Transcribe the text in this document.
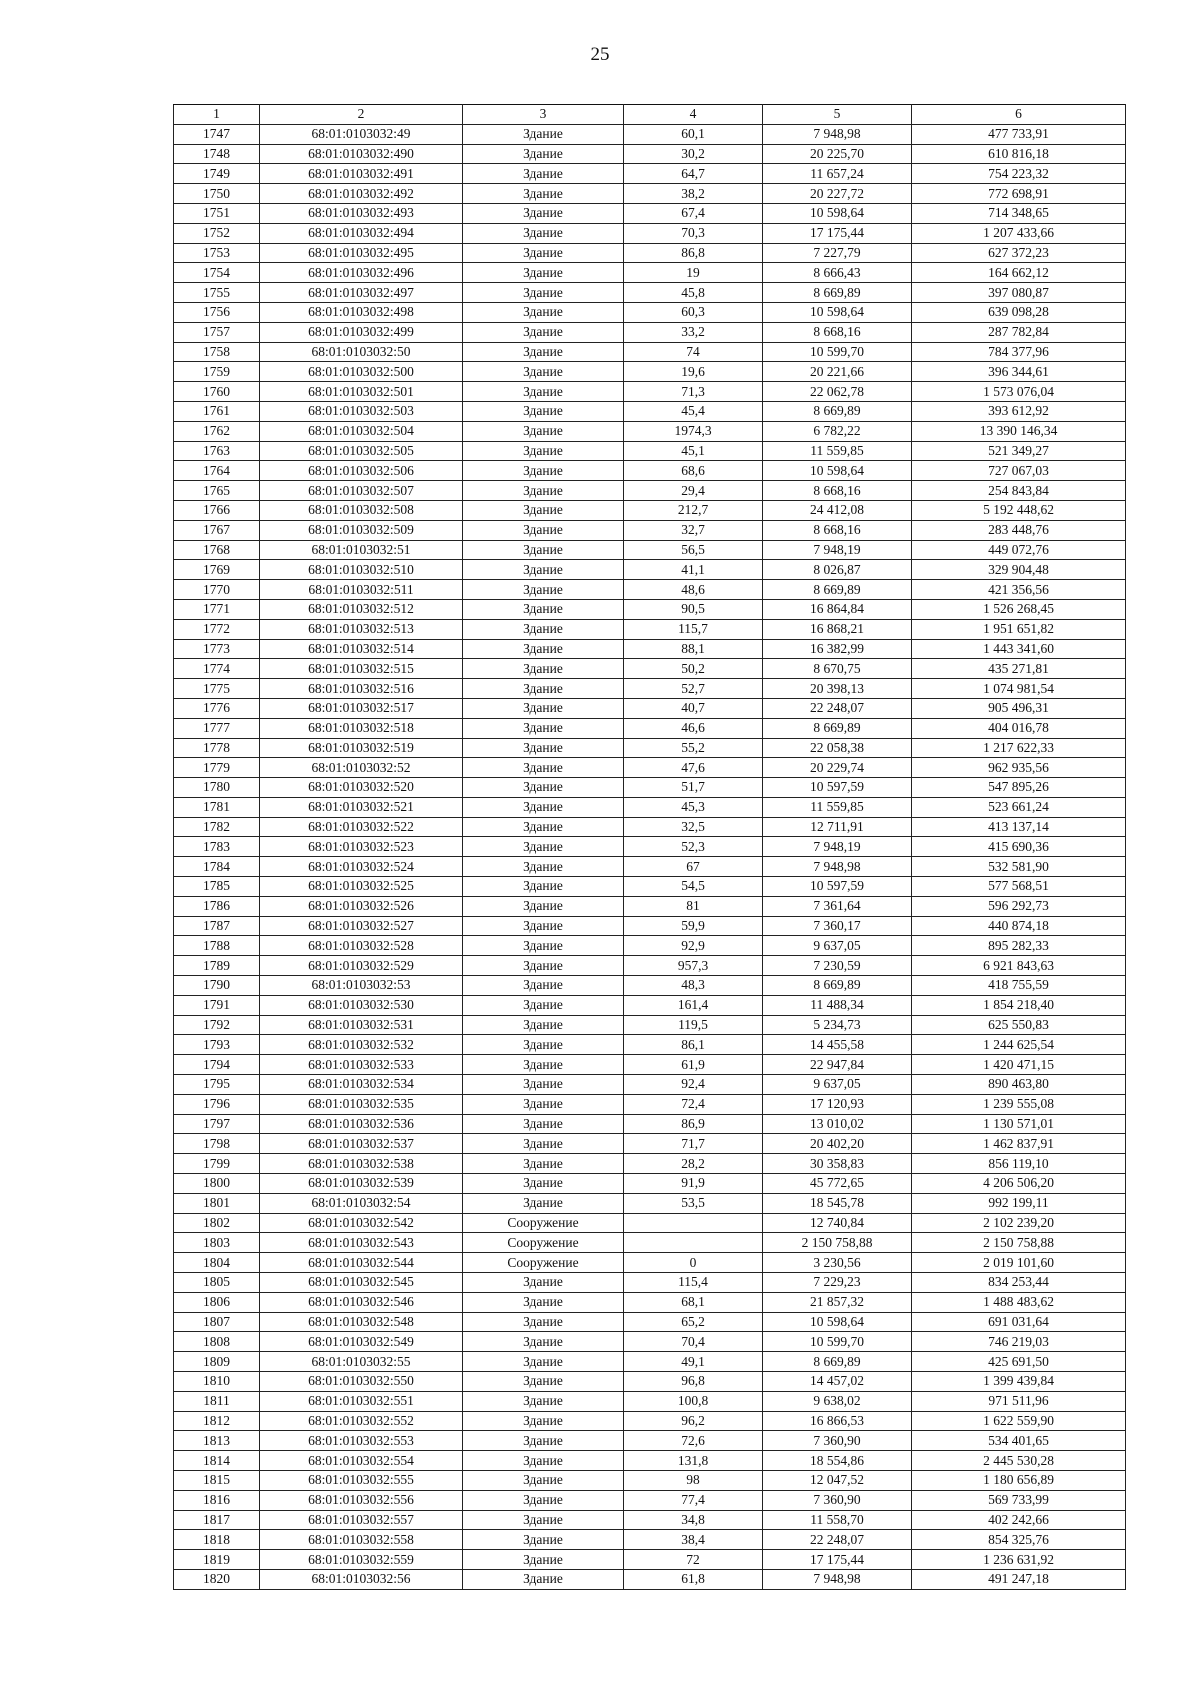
25
1	2	3	4	5	6
1747	68:01:0103032:49	Здание	60,1	7 948,98	477 733,91
1748	68:01:0103032:490	Здание	30,2	20 225,70	610 816,18
1749	68:01:0103032:491	Здание	64,7	11 657,24	754 223,32
1750	68:01:0103032:492	Здание	38,2	20 227,72	772 698,91
1751	68:01:0103032:493	Здание	67,4	10 598,64	714 348,65
1752	68:01:0103032:494	Здание	70,3	17 175,44	1 207 433,66
1753	68:01:0103032:495	Здание	86,8	7 227,79	627 372,23
1754	68:01:0103032:496	Здание	19	8 666,43	164 662,12
1755	68:01:0103032:497	Здание	45,8	8 669,89	397 080,87
1756	68:01:0103032:498	Здание	60,3	10 598,64	639 098,28
1757	68:01:0103032:499	Здание	33,2	8 668,16	287 782,84
1758	68:01:0103032:50	Здание	74	10 599,70	784 377,96
1759	68:01:0103032:500	Здание	19,6	20 221,66	396 344,61
1760	68:01:0103032:501	Здание	71,3	22 062,78	1 573 076,04
1761	68:01:0103032:503	Здание	45,4	8 669,89	393 612,92
1762	68:01:0103032:504	Здание	1974,3	6 782,22	13 390 146,34
1763	68:01:0103032:505	Здание	45,1	11 559,85	521 349,27
1764	68:01:0103032:506	Здание	68,6	10 598,64	727 067,03
1765	68:01:0103032:507	Здание	29,4	8 668,16	254 843,84
1766	68:01:0103032:508	Здание	212,7	24 412,08	5 192 448,62
1767	68:01:0103032:509	Здание	32,7	8 668,16	283 448,76
1768	68:01:0103032:51	Здание	56,5	7 948,19	449 072,76
1769	68:01:0103032:510	Здание	41,1	8 026,87	329 904,48
1770	68:01:0103032:511	Здание	48,6	8 669,89	421 356,56
1771	68:01:0103032:512	Здание	90,5	16 864,84	1 526 268,45
1772	68:01:0103032:513	Здание	115,7	16 868,21	1 951 651,82
1773	68:01:0103032:514	Здание	88,1	16 382,99	1 443 341,60
1774	68:01:0103032:515	Здание	50,2	8 670,75	435 271,81
1775	68:01:0103032:516	Здание	52,7	20 398,13	1 074 981,54
1776	68:01:0103032:517	Здание	40,7	22 248,07	905 496,31
1777	68:01:0103032:518	Здание	46,6	8 669,89	404 016,78
1778	68:01:0103032:519	Здание	55,2	22 058,38	1 217 622,33
1779	68:01:0103032:52	Здание	47,6	20 229,74	962 935,56
1780	68:01:0103032:520	Здание	51,7	10 597,59	547 895,26
1781	68:01:0103032:521	Здание	45,3	11 559,85	523 661,24
1782	68:01:0103032:522	Здание	32,5	12 711,91	413 137,14
1783	68:01:0103032:523	Здание	52,3	7 948,19	415 690,36
1784	68:01:0103032:524	Здание	67	7 948,98	532 581,90
1785	68:01:0103032:525	Здание	54,5	10 597,59	577 568,51
1786	68:01:0103032:526	Здание	81	7 361,64	596 292,73
1787	68:01:0103032:527	Здание	59,9	7 360,17	440 874,18
1788	68:01:0103032:528	Здание	92,9	9 637,05	895 282,33
1789	68:01:0103032:529	Здание	957,3	7 230,59	6 921 843,63
1790	68:01:0103032:53	Здание	48,3	8 669,89	418 755,59
1791	68:01:0103032:530	Здание	161,4	11 488,34	1 854 218,40
1792	68:01:0103032:531	Здание	119,5	5 234,73	625 550,83
1793	68:01:0103032:532	Здание	86,1	14 455,58	1 244 625,54
1794	68:01:0103032:533	Здание	61,9	22 947,84	1 420 471,15
1795	68:01:0103032:534	Здание	92,4	9 637,05	890 463,80
1796	68:01:0103032:535	Здание	72,4	17 120,93	1 239 555,08
1797	68:01:0103032:536	Здание	86,9	13 010,02	1 130 571,01
1798	68:01:0103032:537	Здание	71,7	20 402,20	1 462 837,91
1799	68:01:0103032:538	Здание	28,2	30 358,83	856 119,10
1800	68:01:0103032:539	Здание	91,9	45 772,65	4 206 506,20
1801	68:01:0103032:54	Здание	53,5	18 545,78	992 199,11
1802	68:01:0103032:542	Сооружение		12 740,84	2 102 239,20
1803	68:01:0103032:543	Сооружение		2 150 758,88	2 150 758,88
1804	68:01:0103032:544	Сооружение	0	3 230,56	2 019 101,60
1805	68:01:0103032:545	Здание	115,4	7 229,23	834 253,44
1806	68:01:0103032:546	Здание	68,1	21 857,32	1 488 483,62
1807	68:01:0103032:548	Здание	65,2	10 598,64	691 031,64
1808	68:01:0103032:549	Здание	70,4	10 599,70	746 219,03
1809	68:01:0103032:55	Здание	49,1	8 669,89	425 691,50
1810	68:01:0103032:550	Здание	96,8	14 457,02	1 399 439,84
1811	68:01:0103032:551	Здание	100,8	9 638,02	971 511,96
1812	68:01:0103032:552	Здание	96,2	16 866,53	1 622 559,90
1813	68:01:0103032:553	Здание	72,6	7 360,90	534 401,65
1814	68:01:0103032:554	Здание	131,8	18 554,86	2 445 530,28
1815	68:01:0103032:555	Здание	98	12 047,52	1 180 656,89
1816	68:01:0103032:556	Здание	77,4	7 360,90	569 733,99
1817	68:01:0103032:557	Здание	34,8	11 558,70	402 242,66
1818	68:01:0103032:558	Здание	38,4	22 248,07	854 325,76
1819	68:01:0103032:559	Здание	72	17 175,44	1 236 631,92
1820	68:01:0103032:56	Здание	61,8	7 948,98	491 247,18
